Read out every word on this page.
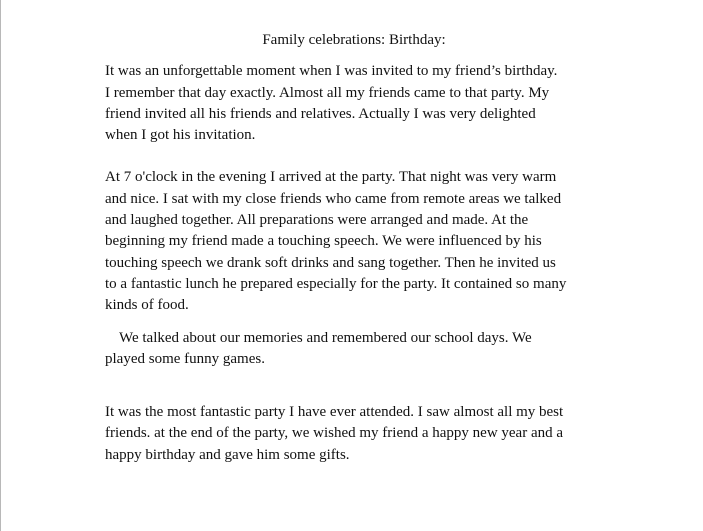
Family celebrations: Birthday:

It was an unforgettable moment when I was invited to my friend’s birthday.
I remember that day exactly. Almost all my friends came to that party. My
friend invited all his friends and relatives. Actually I was very delighted
when I got his invitation.

At 7 o'clock in the evening I arrived at the party. That night was very warm
and nice. I sat with my close friends who came from remote areas we talked
and laughed together. All preparations were arranged and made. At the
beginning my friend made a touching speech. We were influenced by his
touching speech we drank soft drinks and sang together. Then he invited us
to a fantastic lunch he prepared especially for the party. It contained so many
kinds of food.

We talked about our memories and remembered our school days. We
played some funny games.

It was the most fantastic party I have ever attended. I saw almost all my best
friends. at the end of the party, we wished my friend a happy new year and a
happy birthday and gave him some gifts.
